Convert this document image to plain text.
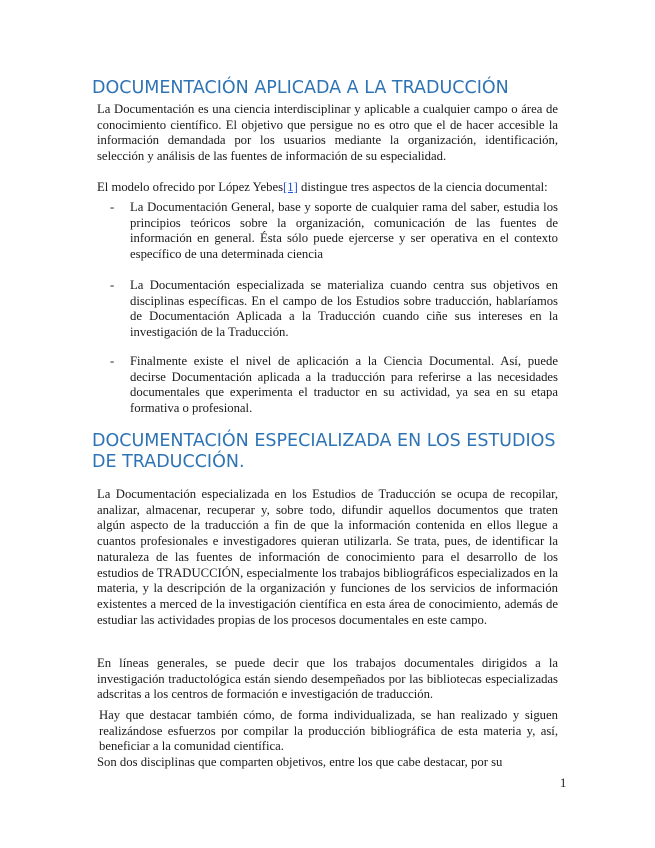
DOCUMENTACIÓN APLICADA A LA TRADUCCIÓN

La Documentación es una ciencia interdisciplinar y aplicable a cualquier campo o área de conocimiento científico. El objetivo que persigue no es otro que el de hacer accesible la información demandada por los usuarios mediante la organización, identificación, selección y análisis de las fuentes de información de su especialidad.

El modelo ofrecido por López Yebes[1] distingue tres aspectos de la ciencia documental:

-	La Documentación General, base y soporte de cualquier rama del saber, estudia los principios teóricos sobre la organización, comunicación de las fuentes de información en general. Ésta sólo puede ejercerse y ser operativa en el contexto específico de una determinada ciencia
-	La Documentación especializada se materializa cuando centra sus objetivos en disciplinas específicas. En el campo de los Estudios sobre traducción, hablaríamos de Documentación Aplicada a la Traducción cuando ciñe sus intereses en la investigación de la Traducción.
-	Finalmente existe el nivel de aplicación a la Ciencia Documental. Así, puede decirse Documentación aplicada a la traducción para referirse a las necesidades documentales que experimenta el traductor en su actividad, ya sea en su etapa formativa o profesional.
DOCUMENTACIÓN ESPECIALIZADA EN LOS ESTUDIOS
DE TRADUCCIÓN.

La Documentación especializada en los Estudios de Traducción se ocupa de recopilar, analizar, almacenar, recuperar y, sobre todo, difundir aquellos documentos que traten algún aspecto de la traducción a fin de que la información contenida en ellos llegue a cuantos profesionales e investigadores quieran utilizarla. Se trata, pues, de identificar la naturaleza de las fuentes de información de conocimiento para el desarrollo de los estudios de TRADUCCIÓN, especialmente los trabajos bibliográficos especializados en la materia, y la descripción de la organización y funciones de los servicios de información existentes a merced de la investigación científica en esta área de conocimiento, además de estudiar las actividades propias de los procesos documentales en este campo.

En líneas generales, se puede decir que los trabajos documentales dirigidos a la investigación traductológica están siendo desempeñados por las bibliotecas especializadas adscritas a los centros de formación e investigación de traducción.

Hay que destacar también cómo, de forma individualizada, se han realizado y siguen realizándose esfuerzos por compilar la producción bibliográfica de esta materia y, así, beneficiar a la comunidad científica.

Son dos disciplinas que comparten objetivos, entre los que cabe destacar, por su

1
